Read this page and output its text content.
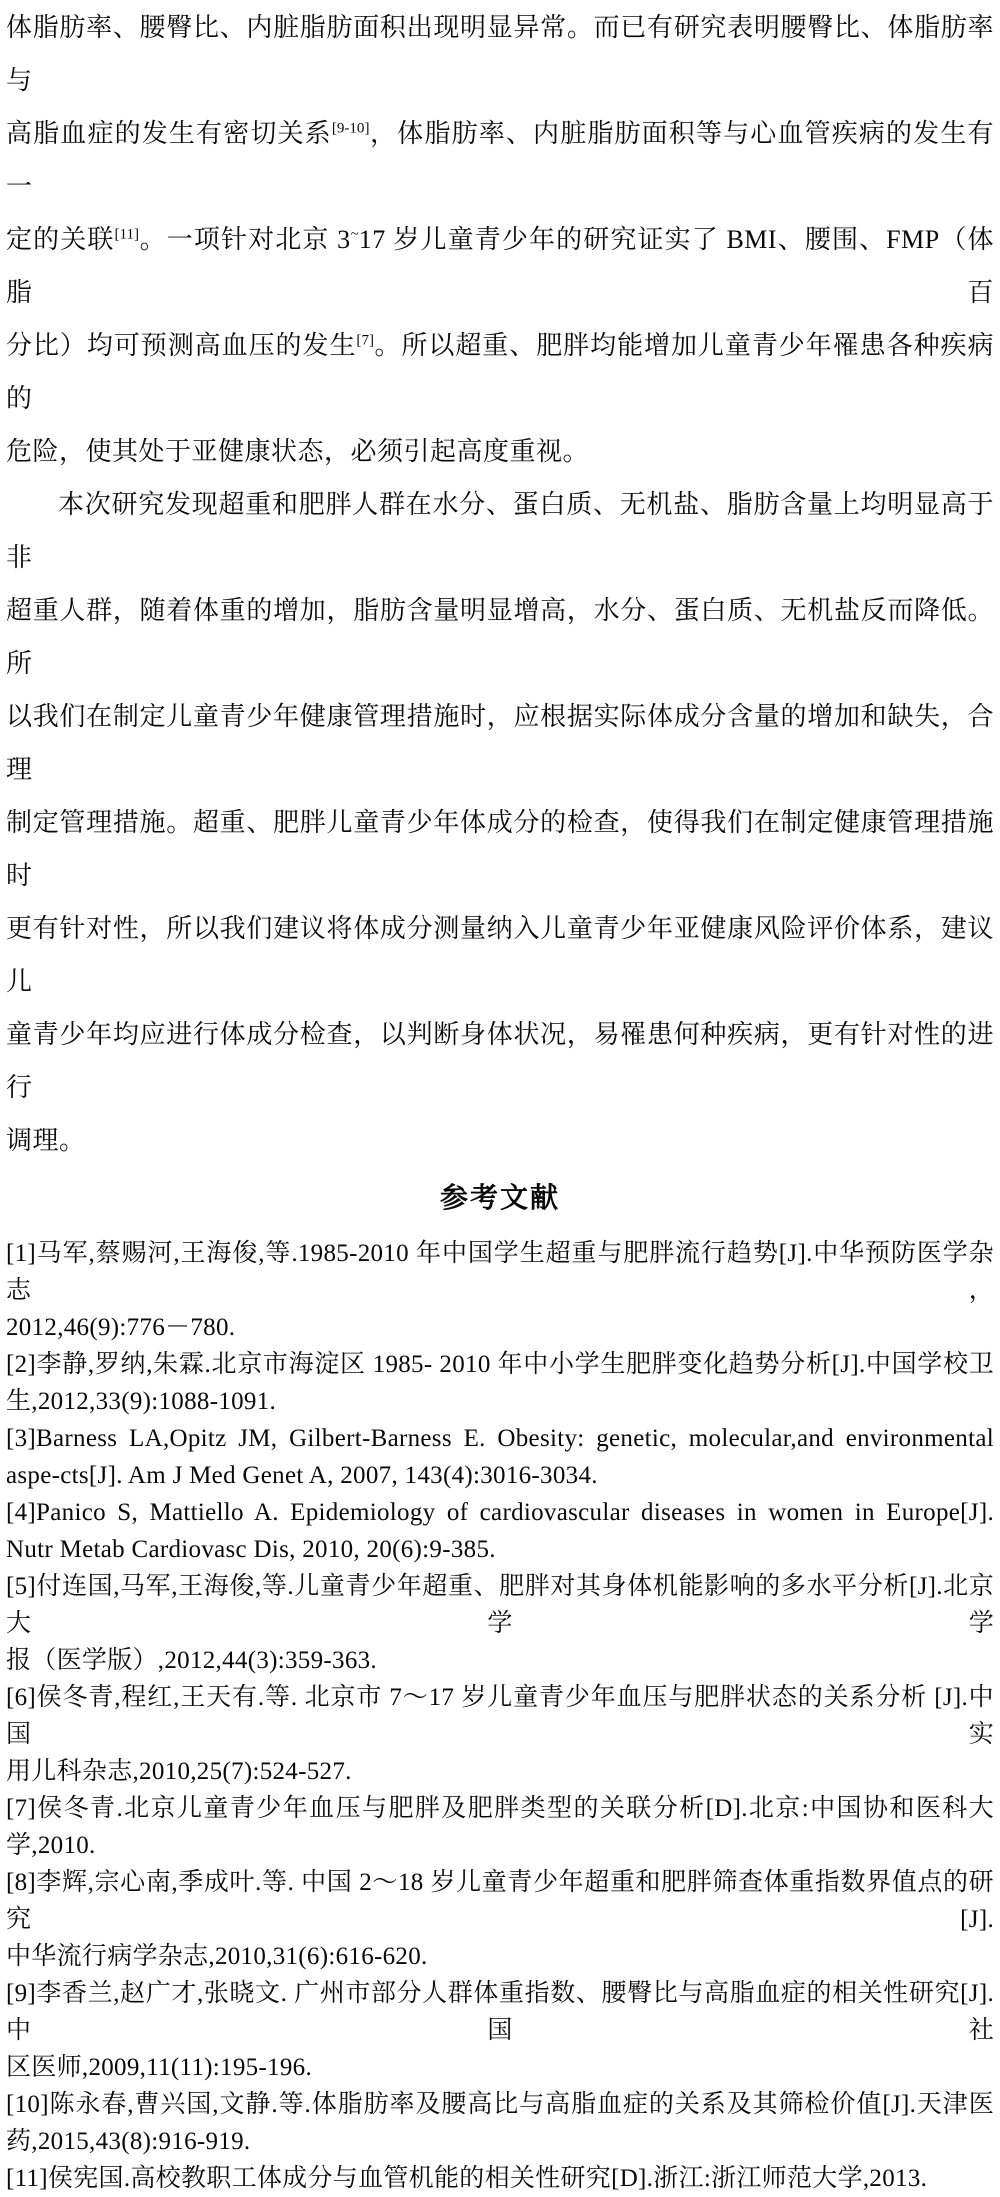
体脂肪率、腰臀比、内脏脂肪面积出现明显异常。而已有研究表明腰臀比、体脂肪率与
高脂血症的发生有密切关系[9-10]，体脂肪率、内脏脂肪面积等与心血管疾病的发生有一
定的关联[11]。一项针对北京 3~17 岁儿童青少年的研究证实了 BMI、腰围、FMP（体脂百
分比）均可预测高血压的发生[7]。所以超重、肥胖均能增加儿童青少年罹患各种疾病的
危险，使其处于亚健康状态，必须引起高度重视。
本次研究发现超重和肥胖人群在水分、蛋白质、无机盐、脂肪含量上均明显高于非
超重人群，随着体重的增加，脂肪含量明显增高，水分、蛋白质、无机盐反而降低。所
以我们在制定儿童青少年健康管理措施时，应根据实际体成分含量的增加和缺失，合理
制定管理措施。超重、肥胖儿童青少年体成分的检查，使得我们在制定健康管理措施时
更有针对性，所以我们建议将体成分测量纳入儿童青少年亚健康风险评价体系，建议儿
童青少年均应进行体成分检查，以判断身体状况，易罹患何种疾病，更有针对性的进行
调理。
参考文献
[1]马军,蔡赐河,王海俊,等.1985-2010 年中国学生超重与肥胖流行趋势[J].中华预防医学杂志，
2012,46(9):776－780.
[2]李静,罗纳,朱霖.北京市海淀区 1985- 2010 年中小学生肥胖变化趋势分析[J].中国学校卫
生,2012,33(9):1088-1091.
[3]Barness LA,Opitz JM, Gilbert-Barness E. Obesity: genetic, molecular,and environmental
aspe-cts[J]. Am J Med Genet A, 2007, 143(4):3016-3034.
[4]Panico S, Mattiello A. Epidemiology of cardiovascular diseases in women in Europe[J].
Nutr Metab Cardiovasc Dis, 2010, 20(6):9-385.
[5]付连国,马军,王海俊,等.儿童青少年超重、肥胖对其身体机能影响的多水平分析[J].北京大学学
报（医学版）,2012,44(3):359-363.
[6]侯冬青,程红,王天有.等. 北京市 7～17 岁儿童青少年血压与肥胖状态的关系分析 [J].中国实
用儿科杂志,2010,25(7):524-527.
[7]侯冬青.北京儿童青少年血压与肥胖及肥胖类型的关联分析[D].北京:中国协和医科大学,2010.
[8]李辉,宗心南,季成叶.等. 中国 2～18 岁儿童青少年超重和肥胖筛查体重指数界值点的研究[J].
中华流行病学杂志,2010,31(6):616-620.
[9]李香兰,赵广才,张晓文. 广州市部分人群体重指数、腰臀比与高脂血症的相关性研究[J].中国社
区医师,2009,11(11):195-196.
[10]陈永春,曹兴国,文静.等.体脂肪率及腰高比与高脂血症的关系及其筛检价值[J].天津医
药,2015,43(8):916-919.
[11]侯宪国.高校教职工体成分与血管机能的相关性研究[D].浙江:浙江师范大学,2013.
